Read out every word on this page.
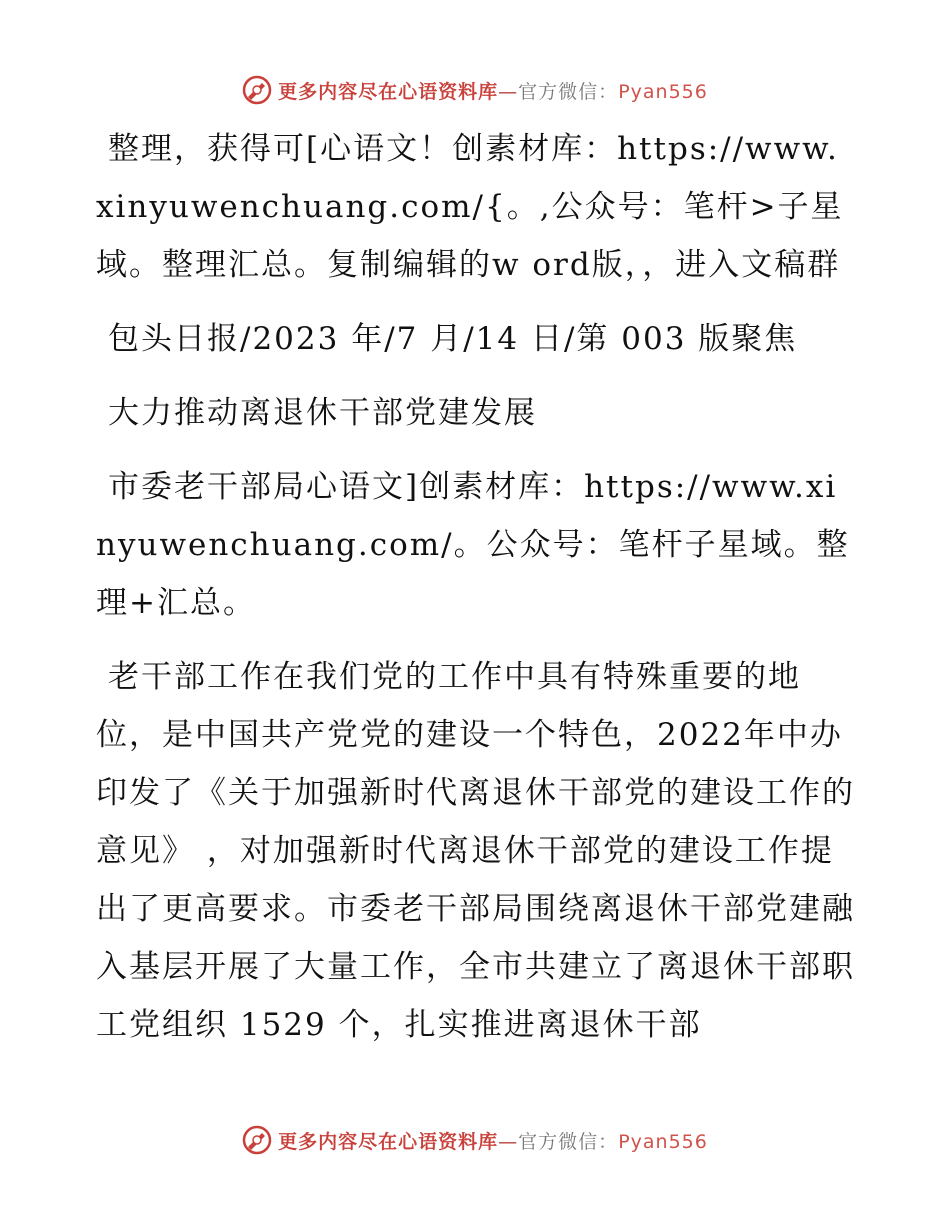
更多内容尽在心语资料库—官方微信：Pyan556

整理，获得可[心语文！创素材库：https://www.xinyuwenchuang.com/{。,公众号：笔杆>子星域。整理汇总。复制编辑的w ord版，，进入文稿群

包头日报/2023 年/7 月/14 日/第 003 版聚焦

大力推动离退休干部党建发展

市委老干部局心语文]创素材库：https://www.xinyuwenchuang.com/。公众号：笔杆子星域。整理+汇总。

老干部工作在我们党的工作中具有特殊重要的地位，是中国共产党党的建设一个特色，2022年中办印发了《关于加强新时代离退休干部党的建设工作的意见》 ，对加强新时代离退休干部党的建设工作提出了更高要求。市委老干部局围绕离退休干部党建融入基层开展了大量工作，全市共建立了离退休干部职工党组织 1529 个，扎实推进离退休干部

更多内容尽在心语资料库—官方微信：Pyan556
